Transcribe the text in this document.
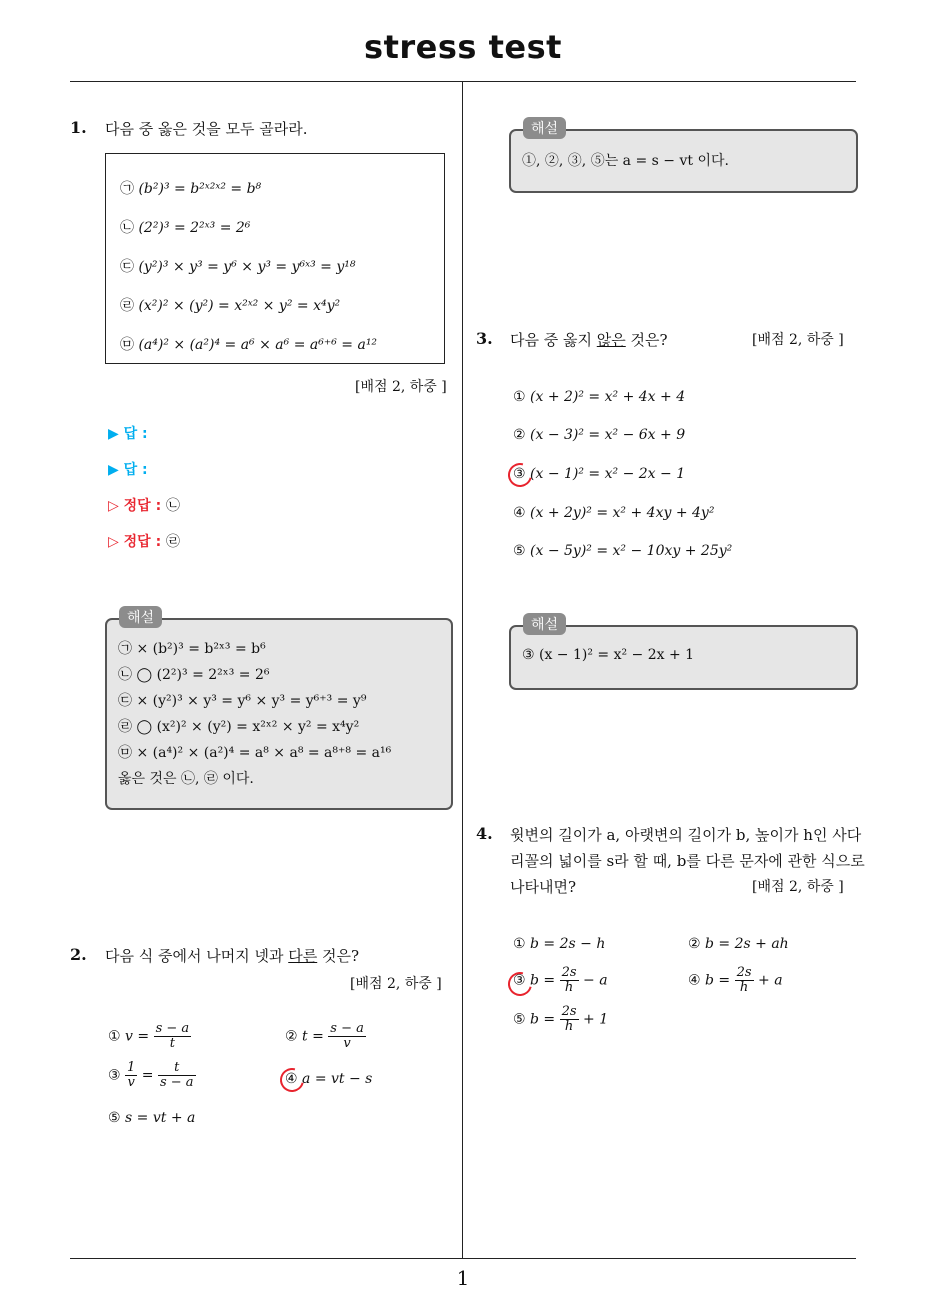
stress test
1
1. 다음 중 옳은 것을 모두 골라라.
㉠ (b²)³ = b²ˣ²ˣ² = b⁸
㉡ (2²)³ = 2²ˣ³ = 2⁶
㉢ (y²)³ × y³ = y⁶ × y³ = y⁶ˣ³ = y¹⁸
㉣ (x²)² × (y²) = x²ˣ² × y² = x⁴y²
㉤ (a⁴)² × (a²)⁴ = a⁶ × a⁶ = a⁶⁺⁶ = a¹²
[배점 2, 하중 ]
▶ 답 :
▶ 답 :
▷ 정답 : ㉡
▷ 정답 : ㉣
해설
㉠ × (b²)³ = b²ˣ³ = b⁶
㉡ ◯ (2²)³ = 2²ˣ³ = 2⁶
㉢ × (y²)³ × y³ = y⁶ × y³ = y⁶⁺³ = y⁹
㉣ ◯ (x²)² × (y²) = x²ˣ² × y² = x⁴y²
㉤ × (a⁴)² × (a²)⁴ = a⁸ × a⁸ = a⁸⁺⁸ = a¹⁶
옳은 것은 ㉡, ㉣ 이다.
2. 다음 식 중에서 나머지 넷과 다른 것은?
[배점 2, 하중 ]
① $v = \frac{s - a}{t}$	② $t = \frac{s - a}{v}$
③ $\frac{1}{v} = \frac{t}{s - a}$	④ a = vt − s
⑤ s = vt + a
해설
①, ②, ③, ⑤는 a = s − vt 이다.
3. 다음 중 옳지 않은 것은?	[배점 2, 하중 ]
① (x + 2)² = x² + 4x + 4
② (x − 3)² = x² − 6x + 9
③ (x − 1)² = x² − 2x − 1
④ (x + 2y)² = x² + 4xy + 4y²
⑤ (x − 5y)² = x² − 10xy + 25y²
해설
③ (x − 1)² = x² − 2x + 1
4. 윗변의 길이가 a, 아랫변의 길이가 b, 높이가 h인 사다
리꼴의 넓이를 s라 할 때, b를 다른 문자에 관한 식으로
나타내면?	[배점 2, 하중 ]
① b = 2s − h	② b = 2s + ah
③ $b = \frac{2s}{h} - a$	④ $b = \frac{2s}{h} + a$
⑤ $b = \frac{2s}{h} + 1$
